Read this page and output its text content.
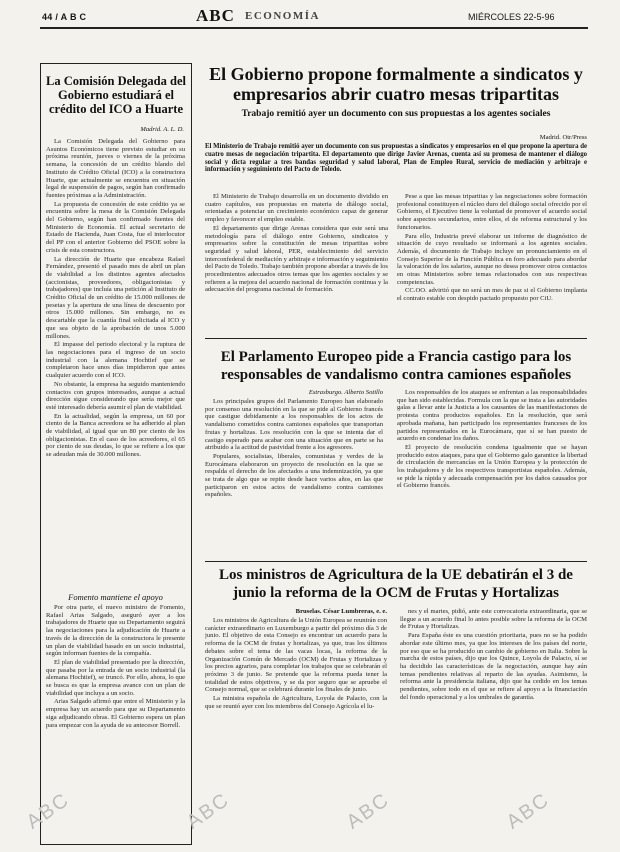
44 / A B C	ABC ECONOMÍA	MIÉRCOLES 22-5-96
La Comisión Delegada del Gobierno estudiará el crédito del ICO a Huarte
Madrid. A. L. D.

La Comisión Delegada del Gobierno para Asuntos Económicos tiene previsto estudiar en su próxima reunión, jueves o viernes de la próxima semana, la concesión de un crédito blando del Instituto de Crédito Oficial (ICO) a la constructora Huarte, que actualmente se encuentra en situación legal de suspensión de pagos, según han confirmado fuentes próximas a la Administración.

La propuesta de concesión de este crédito ya se encuentra sobre la mesa de la Comisión Delegada del Gobierno, según han confirmado fuentes del Ministerio de Economía. El actual secretario de Estado de Hacienda, Juan Costa, fue el interlocutor del PP con el anterior Gobierno del PSOE sobre la crisis de esta constructora.

La dirección de Huarte que encabeza Rafael Fernández, presentó el pasado mes de abril un plan de viabilidad a los distintos agentes afectados (accionistas, proveedores, obligacionistas y trabajadores) que incluía una petición al Instituto de Crédito Oficial de un crédito de 15.000 millones de pesetas y la apertura de una línea de descuento por otros 15.000 millones. Sin embargo, no es descartable que la cuantía final solicitada al ICO y que sea objeto de la aprobación de unos 5.000 millones.

El impasse del periodo electoral y la ruptura de las negociaciones para el ingreso de un socio industrial con la alemana Hochtief que se completaron hace unos días impidieron que antes cualquier acuerdo con el ICO.

No obstante, la empresa ha seguido manteniendo contactos con grupos interesados, aunque a actual dirección sigue considerando que sería mejor que esté interesado debería asumir el plan de viabilidad.

En la actualidad, según la empresa, un 60 por ciento de la Banca acreedora se ha adherido al plan de viabilidad, al igual que un 80 por ciento de los obligacionistas. En el caso de los acreedores, el 65 por ciento de sus deudas, lo que se refiere a los que se adeudan más de 30.000 millones.

Fomento mantiene el apoyo

Por otra parte, el nuevo ministro de Fomento, Rafael Arias Salgado, aseguró ayer a los trabajadores de Huarte que su Departamento seguirá las negociaciones para la adjudicación de Huarte a través de la dirección de la constructora le presente un plan de viabilidad basado en un socio industrial, según informan fuentes de la compañía.

El plan de viabilidad presentado por la dirección, que pasaba por la entrada de un socio industrial (la alemana Hochtief), se truncó. Por ello, ahora, lo que se busca es que la empresa avance con un plan de viabilidad que incluya a un socio.

Arias Salgado afirmó que entre el Ministerio y la empresa hay un acuerdo para que su Departamento siga adjudicando obras. El Gobierno espera un plan para empezar con la ayuda de su antecesor Borrell.

El Gobierno propone formalmente a sindicatos y empresarios abrir cuatro mesas tripartitas
Trabajo remitió ayer un documento con sus propuestas a los agentes sociales
Madrid. Otr/Press
El Ministerio de Trabajo remitió ayer un documento con sus propuestas a sindicatos y empresarios en el que propone la apertura de cuatro mesas de negociación tripartita. El departamento que dirige Javier Arenas, cuenta así su promesa de mantener el diálogo social y dicta regular a tres bandas seguridad y salud laboral, Plan de Empleo Rural, servicio de mediación y arbitraje e información y seguimiento del Pacto de Toledo.

El Ministerio de Trabajo desarrolla en un documento dividido en cuatro capítulos, sus propuestas en materia de diálogo social, orientadas a potenciar un crecimiento económico capaz de generar empleo y favorecer el empleo estable.

El departamento que dirige Arenas considera que este será una metodología para el diálogo entre Gobierno, sindicatos y empresarios sobre la constitución de mesas tripartitas sobre seguridad y salud laboral, PER, establecimiento del servicio interconfederal de mediación y arbitraje e información y seguimiento del Pacto de Toledo. Trabajo también propone abordar a través de los procedimientos adecuados otros temas que los agentes sociales y se refieren a la mejora del acuerdo nacional de formación continua y la adecuación del programa nacional de formación.

Pese a que las mesas tripartitas y las negociaciones sobre formación profesional constituyen el núcleo duro del diálogo social ofrecido por el Gobierno, el Ejecutivo tiene la voluntad de promover el acuerdo social sobre aspectos secundarios, entre ellos, el de reforma estructural y los funcionarios.

Para ello, Industria prevé elaborar un informe de diagnóstico de situación de cuyo resultado se informará a los agentes sociales. Además, el documento de Trabajo incluye un pronunciamiento en el Consejo Superior de la Función Pública en foro adecuado para abordar la valoración de los salarios, aunque no desea promover otros contactos en otras Ministerios sobre temas relacionados con sus respectivas competencias.

CC.OO. advirtió que no será un mes de paz si el Gobierno implanta el contrato estable con despido pactado propuesto por CiU.

El Parlamento Europeo pide a Francia castigo para los responsables de vandalismo contra camiones españoles
Estrasburgo. Alberto Sotillo

Los principales grupos del Parlamento Europeo han elaborado por consenso una resolución en la que se pide al Gobierno francés que castigue debidamente a los responsables de los actos de vandalismo cometidos contra camiones españoles que transportan frutas y hortalizas. Los resolución con la que se intenta dar el castigo esperado para acabar con una situación que en parte se ha atribuido a la actitud de pasividad frente a los agresores.

Populares, socialistas, liberales, comunistas y verdes de la Eurocámara elaboraron un proyecto de resolución en la que se respalda el derecho de los afectados a una indemnización, ya que se trata de algo que se repite desde hace varios años, en las que participaron en estos actos de vandalismo contra camiones españoles.

Los responsables de los ataques se enfrentan a las responsabilidades que han sido establecidas. Formula con la que se insta a las autoridades galas a llevar ante la Justicia a los causantes de las manifestaciones de protesta contra productos españoles. En la resolución, que será aprobada mañana, han participado los representantes franceses de los partidos representados en la Eurocámara, que sí se han puesto de acuerdo en condenar los daños.

El proyecto de resolución condena igualmente que se hayan producido estos ataques, para que el Gobierno galo garantice la libertad de circulación de mercancías en la Unión Europea y la protección de los trabajadores y de los respectivos transportistas españoles. Además, se pide la rápida y adecuada compensación por los daños causados por el Gobierno francés.

Los ministros de Agricultura de la UE debatirán el 3 de junio la reforma de la OCM de Frutas y Hortalizas
Bruselas. César Lumbreras, e. e.

Los ministros de Agricultura de la Unión Europea se reunirán con carácter extraordinario en Luxemburgo a partir del próximo día 3 de junio. El objetivo de esta Consejo es encontrar un acuerdo para la reforma de la OCM de frutas y hortalizas, ya que, tras los últimos debates sobre el tema de las vacas locas, la reforma de la Organización Común de Mercado (OCM) de Frutas y Hortalizas y los precios agrarios, para completar los trabajos que se celebrarán el próximo 3 de junio. Se pretende que la reforma pueda tener la totalidad de estos objetivos, y se da por seguro que se apruebe el Consejo normal, que se celebrará durante los finales de junio.

La ministra española de Agricultura, Loyola de Palacio, con la que se reunió ayer con los miembros del Consejo Agrícola el lu-

nes y el martes, pidió, ante este convocatoria extraordinaria, que se llegue a un acuerdo final lo antes posible sobre la reforma de la OCM de Frutas y Hortalizas.

Para España éste es una cuestión prioritaria, pues no se ha podido abordar este último mes, ya que los intereses de los países del norte, por eso que se ha producido un cambio de gobierno en Italia. Sobre la marcha de estos países, dijo que los Quince, Loyola de Palacio, sí se ha decidido las características de la negociación, aunque hay aún temas pendientes relativas al reparto de las ayudas. Asimismo, la reforma ante la presidencia italiana, dijo que ha cedido en los temas pendientes, sobre todo en el que se refiere al apoyo a la financiación del fondo operacional y a los umbrales de garantía.

ABC	ABC	ABC	ABC
